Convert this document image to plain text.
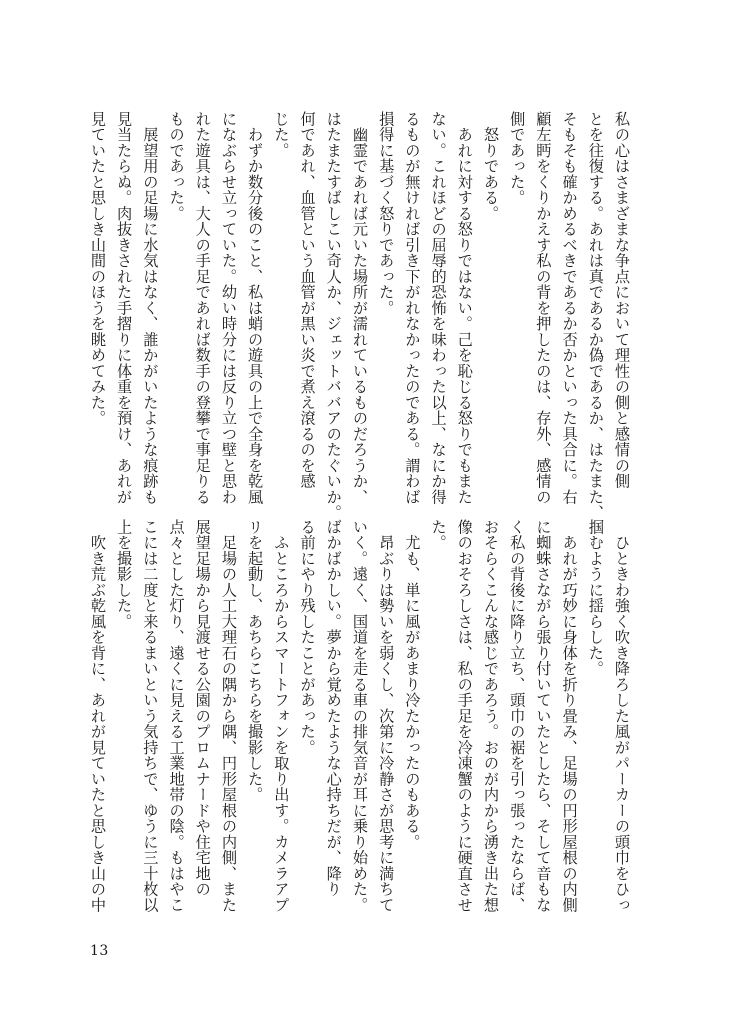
私の心はさまざまな争点において理性の側と感情の側

とを往復する。あれは真であるか偽であるか、はたまた、

そもそも確かめるべきであるか否かといった具合に。右

顧左眄をくりかえす私の背を押したのは、存外、感情の

側であった。

　怒りである。

　あれに対する怒りではない。己を恥じる怒りでもまた

ない。これほどの屈辱的恐怖を味わった以上、なにか得

るものが無ければ引き下がれなかったのである。謂わば

損得に基づく怒りであった。

　幽霊であれば元いた場所が濡れているものだろうか、

はたまたすばしこい奇人か、ジェットババアのたぐいか。

何であれ、血管という血管が黒い炎で煮え滾るのを感

じた。

　わずか数分後のこと、私は蛸の遊具の上で全身を乾風

になぶらせ立っていた。幼い時分には反り立つ壁と思わ

れた遊具は、大人の手足であれば数手の登攀で事足りる

ものであった。

　展望用の足場に水気はなく、誰かがいたような痕跡も

見当たらぬ。肉抜きされた手摺りに体重を預け、あれが

見ていたと思しき山間のほうを眺めてみた。

　ひときわ強く吹き降ろした風がパーカーの頭巾をひっ

掴むように揺らした。

　あれが巧妙に身体を折り畳み、足場の円形屋根の内側

に蜘蛛さながら張り付いていたとしたら、そして音もな

く私の背後に降り立ち、頭巾の裾を引っ張ったならば、

おそらくこんな感じであろう。おのが内から湧き出た想

像のおそろしさは、私の手足を冷凍蟹のように硬直させ

た。

　尤も、単に風があまり冷たかったのもある。

　昂ぶりは勢いを弱くし、次第に冷静さが思考に満ちて

いく。遠く、国道を走る車の排気音が耳に乗り始めた。

ばかばかしい。夢から覚めたような心持ちだが、降り

る前にやり残したことがあった。

　ふところからスマートフォンを取り出す。カメラアプ

リを起動し、あちらこちらを撮影した。

　足場の人工大理石の隅から隅、円形屋根の内側、また

展望足場から見渡せる公園のプロムナードや住宅地の

点々とした灯り、遠くに見える工業地帯の陰。もはやこ

こには二度と来るまいという気持ちで、ゆうに三十枚以

上を撮影した。

　吹き荒ぶ乾風を背に、あれが見ていたと思しき山の中

13
